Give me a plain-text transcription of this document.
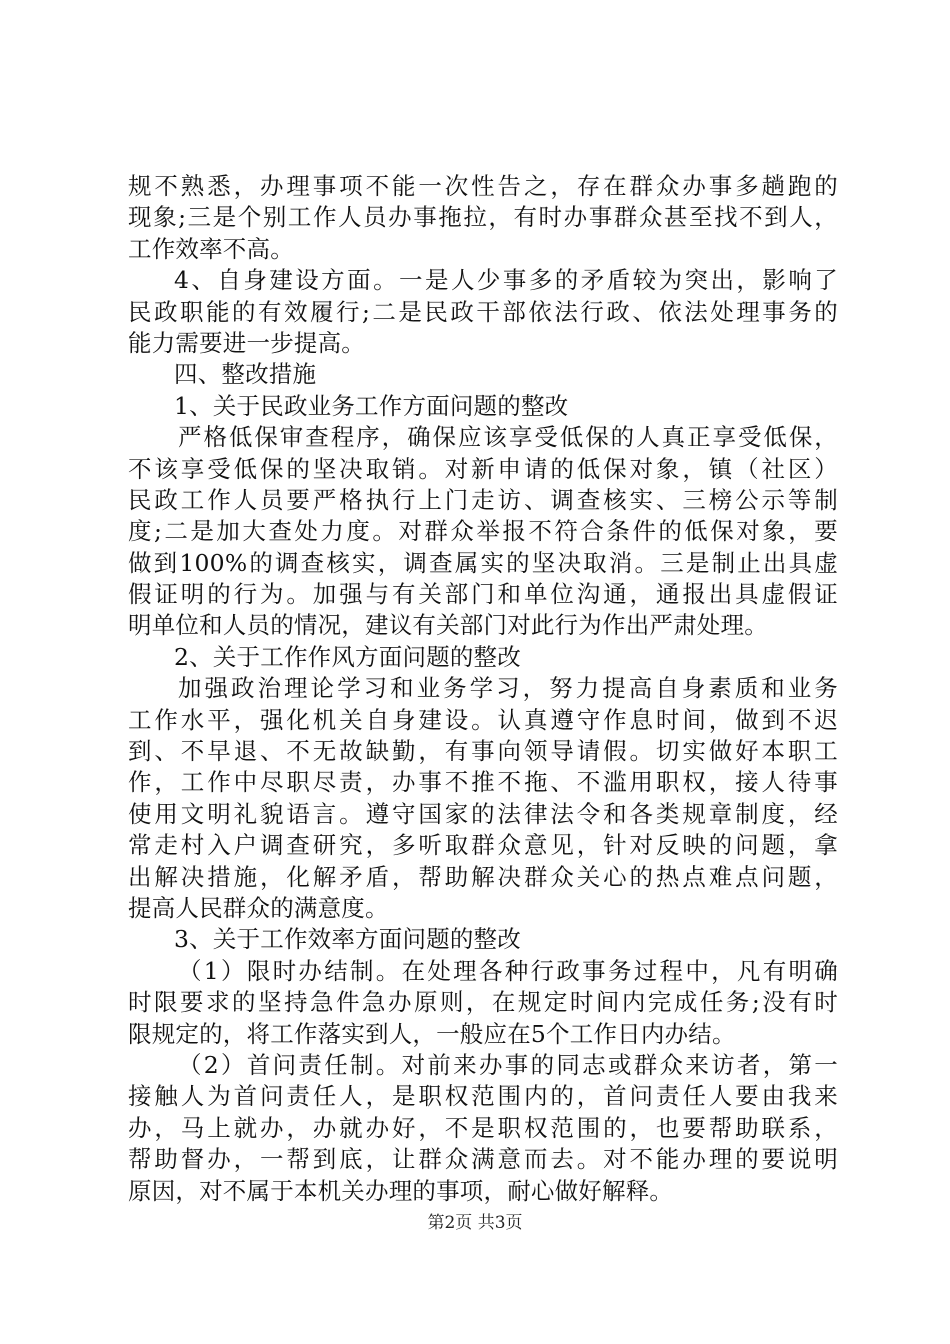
规不熟悉，办理事项不能一次性告之，存在群众办事多趟跑的
现象;三是个别工作人员办事拖拉，有时办事群众甚至找不到人，
工作效率不高。
4、自身建设方面。一是人少事多的矛盾较为突出，影响了
民政职能的有效履行;二是民政干部依法行政、依法处理事务的
能力需要进一步提高。
四、整改措施
1、关于民政业务工作方面问题的整改
严格低保审查程序，确保应该享受低保的人真正享受低保，
不该享受低保的坚决取销。对新申请的低保对象，镇（社区）
民政工作人员要严格执行上门走访、调查核实、三榜公示等制
度;二是加大查处力度。对群众举报不符合条件的低保对象，要
做到100%的调查核实，调查属实的坚决取消。三是制止出具虚
假证明的行为。加强与有关部门和单位沟通，通报出具虚假证
明单位和人员的情况，建议有关部门对此行为作出严肃处理。
2、关于工作作风方面问题的整改
加强政治理论学习和业务学习，努力提高自身素质和业务
工作水平，强化机关自身建设。认真遵守作息时间，做到不迟
到、不早退、不无故缺勤，有事向领导请假。切实做好本职工
作，工作中尽职尽责，办事不推不拖、不滥用职权，接人待事
使用文明礼貌语言。遵守国家的法律法令和各类规章制度，经
常走村入户调查研究，多听取群众意见，针对反映的问题，拿
出解决措施，化解矛盾，帮助解决群众关心的热点难点问题，
提高人民群众的满意度。
3、关于工作效率方面问题的整改
（1）限时办结制。在处理各种行政事务过程中，凡有明确
时限要求的坚持急件急办原则，在规定时间内完成任务;没有时
限规定的，将工作落实到人，一般应在5个工作日内办结。
（2）首问责任制。对前来办事的同志或群众来访者，第一
接触人为首问责任人，是职权范围内的，首问责任人要由我来
办，马上就办，办就办好，不是职权范围的，也要帮助联系，
帮助督办，一帮到底，让群众满意而去。对不能办理的要说明
原因，对不属于本机关办理的事项，耐心做好解释。
第2页 共3页
